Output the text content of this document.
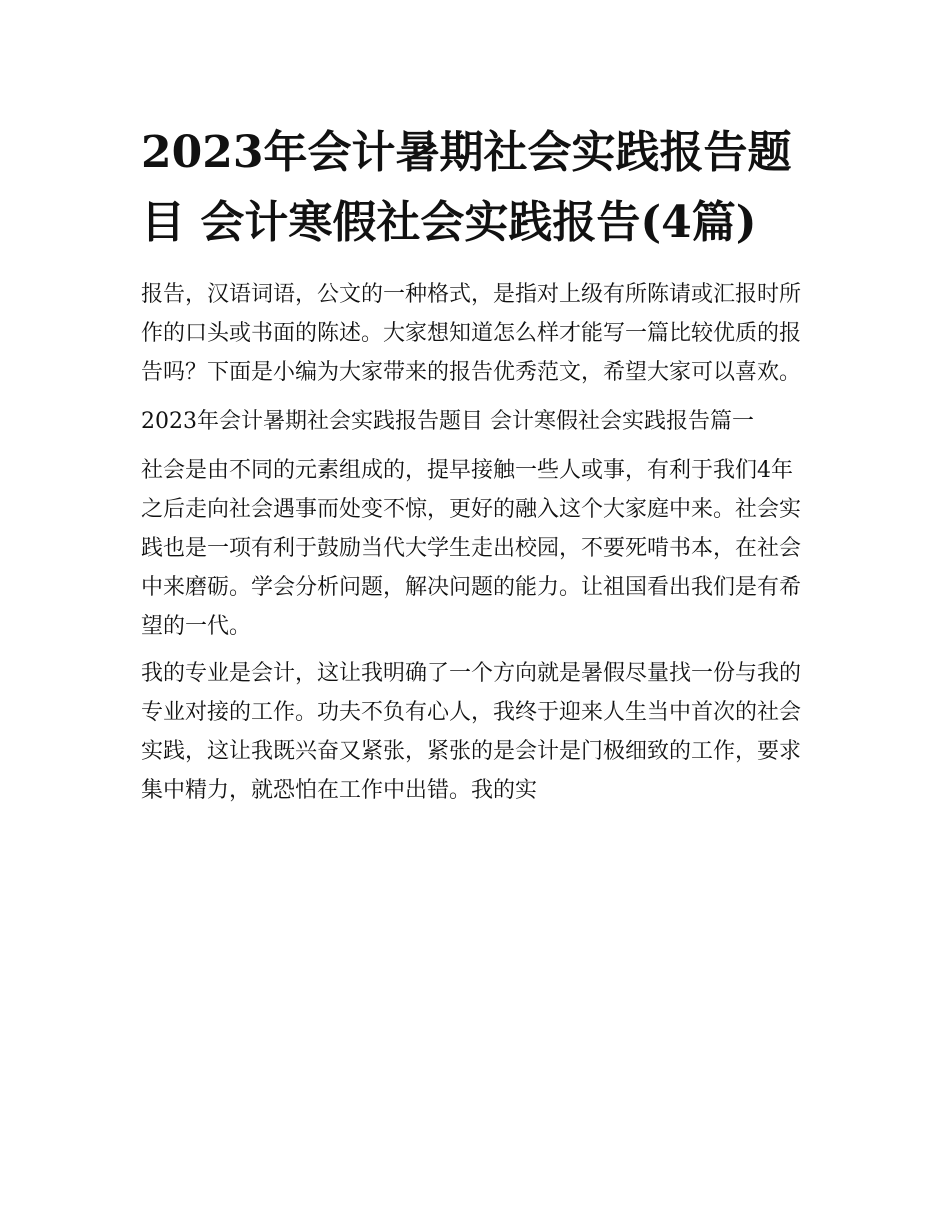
2023年会计暑期社会实践报告题目 会计寒假社会实践报告(4篇)

报告，汉语词语，公文的一种格式，是指对上级有所陈请或汇报时所作的口头或书面的陈述。大家想知道怎么样才能写一篇比较优质的报告吗？下面是小编为大家带来的报告优秀范文，希望大家可以喜欢。

2023年会计暑期社会实践报告题目 会计寒假社会实践报告篇一

社会是由不同的元素组成的，提早接触一些人或事，有利于我们4年之后走向社会遇事而处变不惊，更好的融入这个大家庭中来。社会实践也是一项有利于鼓励当代大学生走出校园，不要死啃书本，在社会中来磨砺。学会分析问题，解决问题的能力。让祖国看出我们是有希望的一代。

我的专业是会计，这让我明确了一个方向就是暑假尽量找一份与我的专业对接的工作。功夫不负有心人，我终于迎来人生当中首次的社会实践，这让我既兴奋又紧张，紧张的是会计是门极细致的工作，要求集中精力，就恐怕在工作中出错。我的实
